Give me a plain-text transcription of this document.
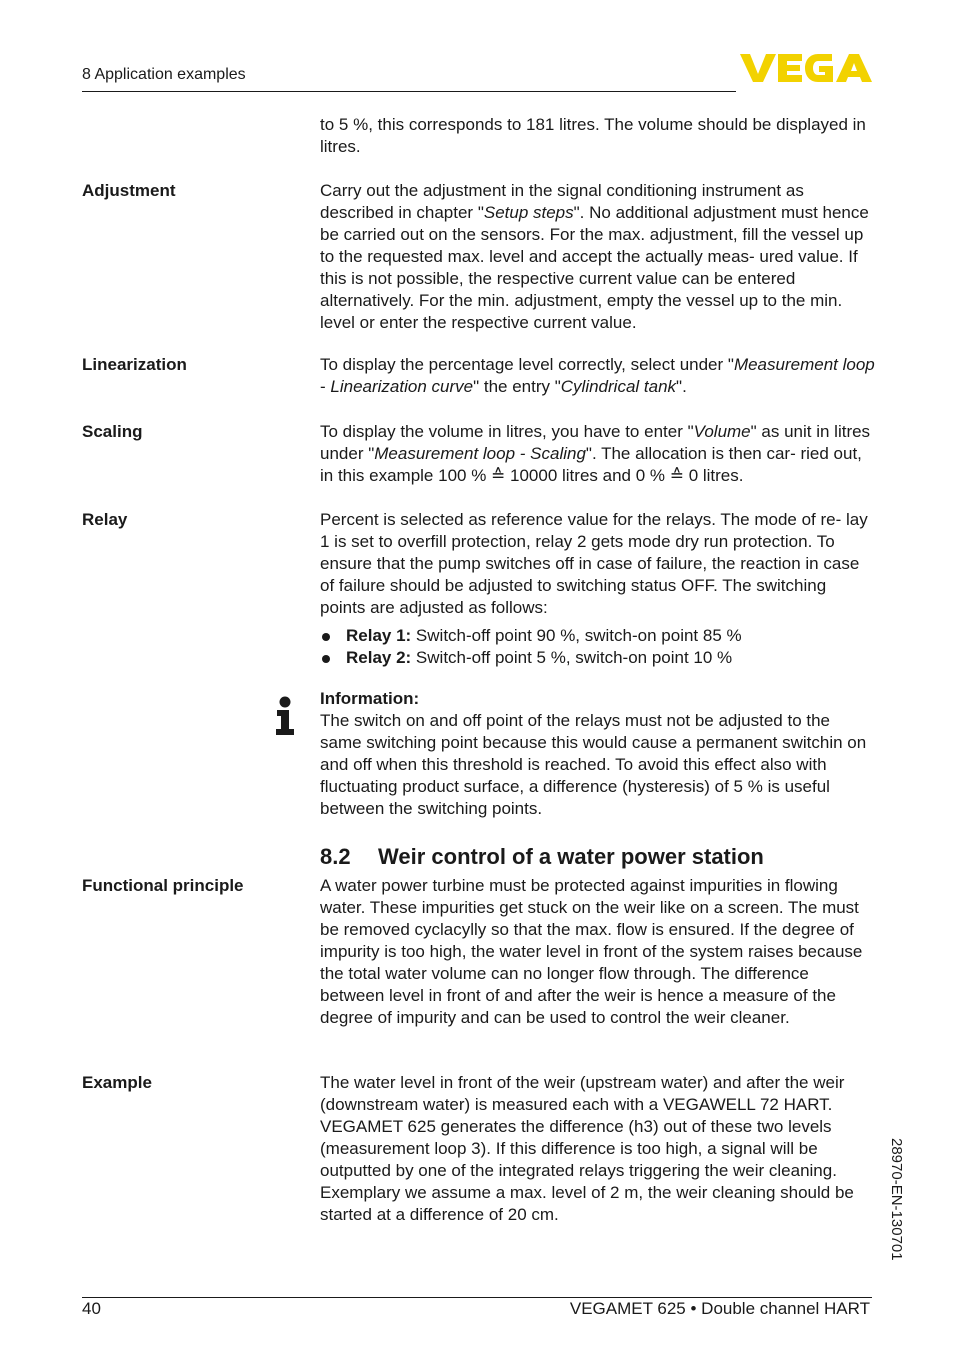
8 Application examples
to 5 %, this corresponds to 181 litres. The volume should be displayed in litres.
Adjustment	Carry out the adjustment in the signal conditioning instrument as described in chapter "Setup steps". No additional adjustment must hence be carried out on the sensors. For the max. adjustment, fill the vessel up to the requested max. level and accept the actually meas- ured value. If this is not possible, the respective current value can be entered alternatively. For the min. adjustment, empty the vessel up to the min. level or enter the respective current value.
Linearization	To display the percentage level correctly, select under "Measurement loop - Linearization curve" the entry "Cylindrical tank".
Scaling	To display the volume in litres, you have to enter "Volume" as unit in litres under "Measurement loop - Scaling". The allocation is then car- ried out, in this example 100 % ≙ 10000 litres and 0 % ≙ 0 litres.
Relay	Percent is selected as reference value for the relays. The mode of re- lay 1 is set to overfill protection, relay 2 gets mode dry run protection. To ensure that the pump switches off in case of failure, the reaction in case of failure should be adjusted to switching status OFF. The switching points are adjusted as follows:
Relay 1: Switch-off point 90 %, switch-on point 85 %
Relay 2: Switch-off point 5 %, switch-on point 10 %
Information:
The switch on and off point of the relays must not be adjusted to the same switching point because this would cause a permanent switchin on and off when this threshold is reached. To avoid this effect also with fluctuating product surface, a difference (hysteresis) of 5 % is useful between the switching points.
8.2 Weir control of a water power station
Functional principle	A water power turbine must be protected against impurities in flowing water. These impurities get stuck on the weir like on a screen. The must be removed cyclacylly so that the max. flow is ensured. If the degree of impurity is too high, the water level in front of the system raises because the total water volume can no longer flow through. The difference between level in front of and after the weir is hence a measure of the degree of impurity and can be used to control the weir cleaner.
Example	The water level in front of the weir (upstream water) and after the weir (downstream water) is measured each with a VEGAWELL 72 HART. VEGAMET 625 generates the difference (h3) out of these two levels (measurement loop 3). If this difference is too high, a signal will be outputted by one of the integrated relays triggering the weir cleaning. Exemplary we assume a max. level of 2 m, the weir cleaning should be started at a difference of 20 cm.	28970-EN-130701
40	VEGAMET 625 • Double channel HART
